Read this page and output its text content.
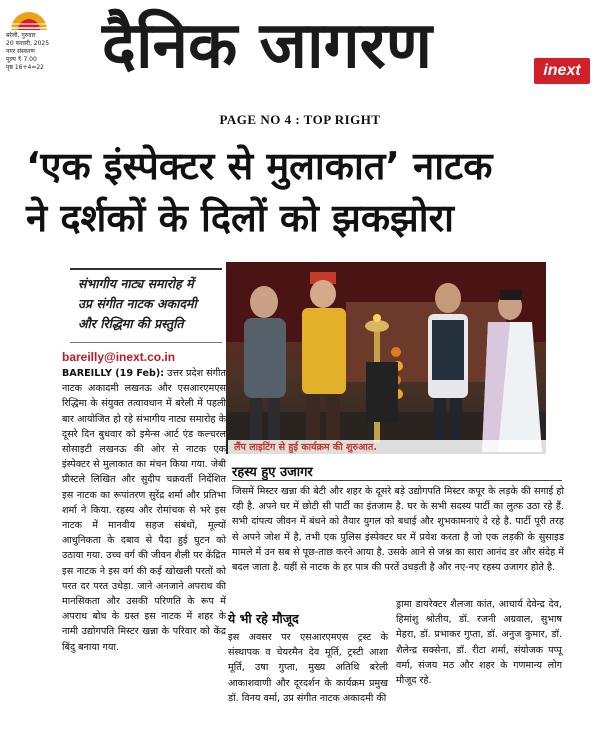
बरेली, गुरुवार
20 फरवरी, 2025
नगर संस्करण
मूल्य ₹ 7.00
पृष्ठ 16+4=22 दैनिक जागरण	inext
PAGE NO 4 : TOP RIGHT
‘एक इंस्पेक्टर से मुलाकात’ नाटक
ने दर्शकों के दिलों को झकझोरा
संभागीय नाट्य समारोह में
उप्र संगीत नाटक अकादमी
और रिद्धिमा की प्रस्तुति
bareilly@inext.co.in
BAREILLY (19 Feb): उत्तर प्रदेश संगीत नाटक अकादमी लखनऊ और एसआरएमएस रिद्धिमा के संयुक्त तत्वावधान में बरेली में पहली बार आयोजित हो रहे संभागीय नाट्य समारोह के दूसरे दिन बुधवार को इमेन्स आर्ट एंड कल्चरल सोसाइटी लखनऊ की ओर से नाटक एक इंस्पेक्टर से मुलाकात का मंचन किया गया. जेबी प्रीस्टले लिखित और सुदीप चक्रवर्ती निर्देशित इस नाटक का रूपांतरण सुरेंद्र शर्मा और प्रतिभा शर्मा ने किया. रहस्य और रोमांचक से भरे इस नाटक में मानवीय सहज संबंधों, मूल्यों आधुनिकता के दबाव से पैदा हुई घुटन को उठाया गया. उच्च वर्ग की जीवन शैली पर केंद्रित इस नाटक ने इस वर्ग की कई खोखली परतों को परत दर परत उधेड़ा. जाने अनजाने अपराध की मानसिकता और उसकी परिणति के रूप में अपराध बोध के ग्रस्त इस नाटक में शहर के नामी उद्योगपति मिस्टर खन्ना के परिवार को केंद्र बिंदु बनाया गया.
लैंप लाइटिंग से हुई कार्यक्रम की शुरुआत.
रहस्य हुए उजागर
जिसमें मिस्टर खन्ना की बेटी और शहर के दूसरे बड़े उद्योगपति मिस्टर कपूर के लड़के की सगाई हो रही है. अपने घर में छोटी सी पार्टी का इंतजाम है. घर के सभी सदस्य पार्टी का लुत्फ उठा रहे हैं. सभी दांपत्य जीवन में बंधने को तैयार युगल को बधाई और शुभकामनाएं दे रहे है. पार्टी पूरी तरह से अपने जोश में है, तभी एक पुलिस इंस्पेक्टर घर में प्रवेश करता है जो एक लड़की के सुसाइड मामले में उन सब से पूछ-ताछ करने आया है. उसके आने से जश्न का सारा आनंद डर और संदेह में बदल जाता है. यहीं से नाटक के हर पात्र की परतें उधड़ती है और नए-नए रहस्य उजागर होते है.
ये भी रहे मौजूद
इस अवसर पर एसआरएमएस ट्रस्ट के संस्थापक व चेयरमैन देव मूर्ति, ट्रस्टी आशा मूर्ति, उषा गुप्ता, मुख्य अतिथि बरेली आकाशवाणी और दूरदर्शन के कार्यक्रम प्रमुख डॉ. विनय वर्मा, उप्र संगीत नाटक अकादमी की
ड्रामा डायरेक्टर शैलजा कांत, आचार्य देवेन्द्र देव, हिमांशु श्रोतीय, डॉ. रजनी अग्रवाल, सुभाष मेहरा, डॉ. प्रभाकर गुप्ता, डॉ. अनुज कुमार, डॉ. शैलेन्द्र सक्सेना, डॉ. रीटा शर्मा, संयोजक पप्पू वर्मा, संजय मठ और शहर के गणमान्य लोग मौजूद रहे.
